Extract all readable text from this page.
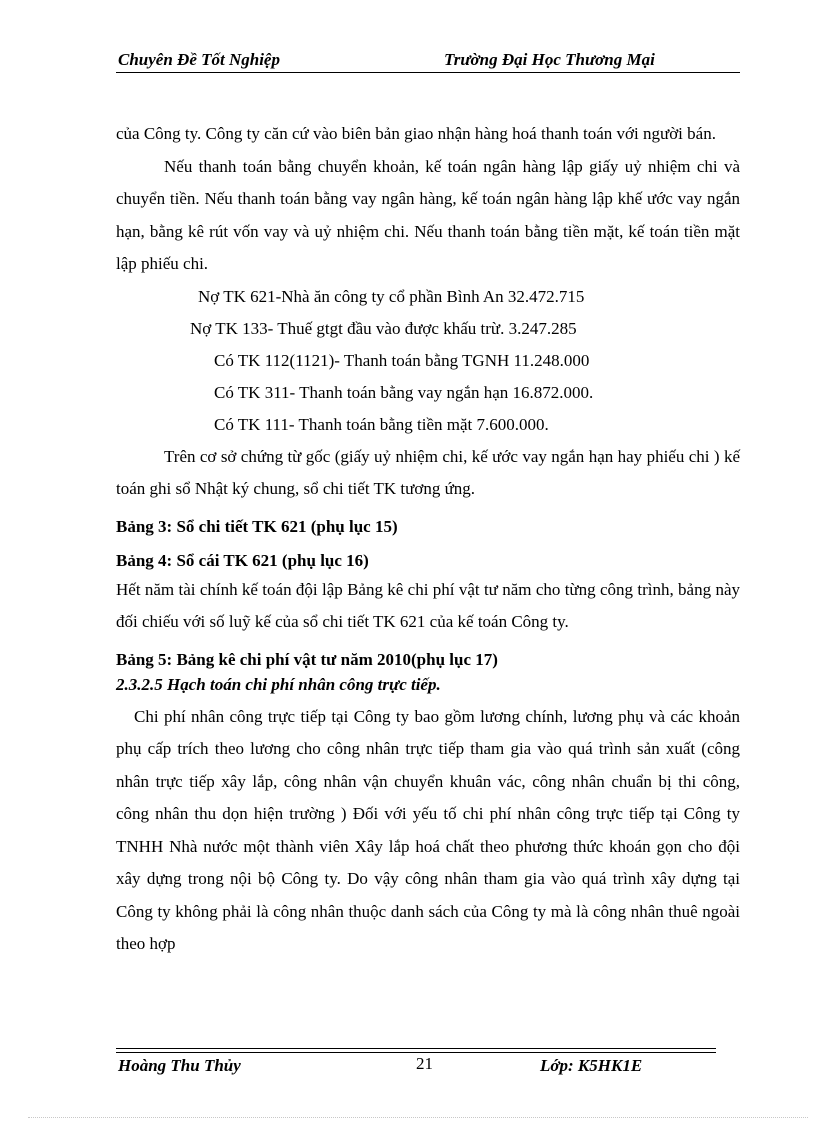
Chuyên Đề Tốt Nghiệp	Trường Đại Học Thương Mại

của Công ty. Công ty căn cứ vào biên bản giao nhận hàng hoá thanh toán với người bán.

Nếu thanh toán bằng chuyển khoản, kế toán ngân hàng lập giấy uỷ nhiệm chi và chuyển tiền. Nếu thanh toán bằng vay ngân hàng, kế toán ngân hàng lập khế ước vay ngắn hạn, bằng kê rút vốn vay và uỷ nhiệm chi. Nếu thanh toán bằng tiền mặt, kế toán tiền mặt lập phiếu chi.

Nợ TK 621-Nhà ăn công ty cổ phần Bình An 32.472.715

Nợ TK 133- Thuế gtgt đầu vào được khấu trừ. 3.247.285

Có TK 112(1121)- Thanh toán bằng TGNH 11.248.000

Có TK 311- Thanh toán bằng vay ngắn hạn 16.872.000.

Có TK 111- Thanh toán bằng tiền mặt 7.600.000.

Trên cơ sở chứng từ gốc (giấy uỷ nhiệm chi, kế ước vay ngắn hạn hay phiếu chi ) kế toán ghi sổ Nhật ký chung, sổ chi tiết TK tương ứng.

Bảng 3: Sổ chi tiết TK 621 (phụ lục 15)

Bảng 4: Sổ cái TK 621 (phụ lục 16)

Hết năm tài chính kế toán đội lập Bảng kê chi phí vật tư năm cho từng công trình, bảng này đối chiếu với số luỹ kế của sổ chi tiết TK 621 của kế toán Công ty.

Bảng 5: Bảng kê chi phí vật tư năm 2010(phụ lục 17)

2.3.2.5 Hạch toán chi phí nhân công trực tiếp.

Chi phí nhân công trực tiếp tại Công ty bao gồm lương chính, lương phụ và các khoản phụ cấp trích theo lương cho công nhân trực tiếp tham gia vào quá trình sản xuất (công nhân trực tiếp xây lắp, công nhân vận chuyển khuân vác, công nhân chuẩn bị thi công, công nhân thu dọn hiện trường ) Đối với yếu tố chi phí nhân công trực tiếp tại Công ty TNHH Nhà nước một thành viên Xây lắp hoá chất theo phương thức khoán gọn cho đội xây dựng trong nội bộ Công ty. Do vậy công nhân tham gia vào quá trình xây dựng tại Công ty không phải là công nhân thuộc danh sách của Công ty mà là công nhân thuê ngoài theo hợp

Hoàng Thu Thủy	21	Lớp: K5HK1E
